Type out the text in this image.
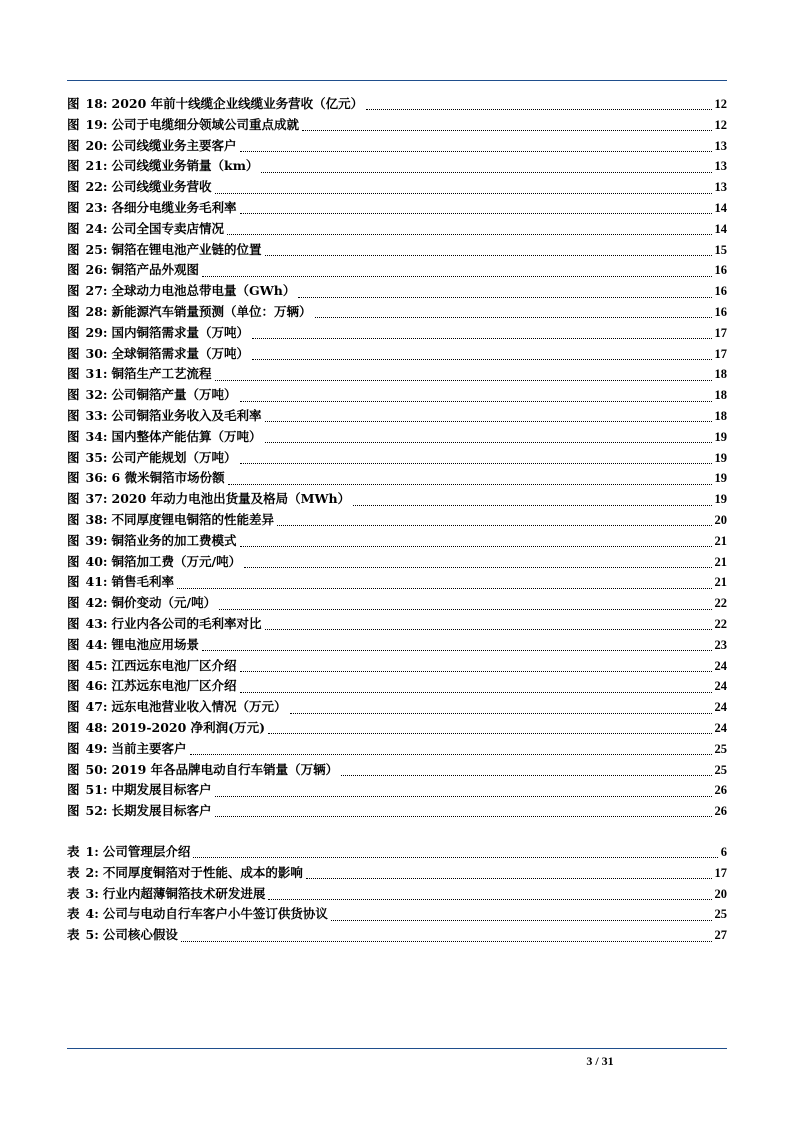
图 18: 2020 年前十线缆企业线缆业务营收（亿元）	12
图 19: 公司于电缆细分领域公司重点成就	12
图 20: 公司线缆业务主要客户	13
图 21: 公司线缆业务销量（km）	13
图 22: 公司线缆业务营收	13
图 23: 各细分电缆业务毛利率	14
图 24: 公司全国专卖店情况	14
图 25: 铜箔在锂电池产业链的位置	15
图 26: 铜箔产品外观图	16
图 27: 全球动力电池总带电量（GWh）	16
图 28: 新能源汽车销量预测（单位：万辆）	16
图 29: 国内铜箔需求量（万吨）	17
图 30: 全球铜箔需求量（万吨）	17
图 31: 铜箔生产工艺流程	18
图 32: 公司铜箔产量（万吨）	18
图 33: 公司铜箔业务收入及毛利率	18
图 34: 国内整体产能估算（万吨）	19
图 35: 公司产能规划（万吨）	19
图 36: 6 微米铜箔市场份额	19
图 37: 2020 年动力电池出货量及格局（MWh）	19
图 38: 不同厚度锂电铜箔的性能差异	20
图 39: 铜箔业务的加工费模式	21
图 40: 铜箔加工费（万元/吨）	21
图 41: 销售毛利率	21
图 42: 铜价变动（元/吨）	22
图 43: 行业内各公司的毛利率对比	22
图 44: 锂电池应用场景	23
图 45: 江西远东电池厂区介绍	24
图 46: 江苏远东电池厂区介绍	24
图 47: 远东电池营业收入情况（万元）	24
图 48: 2019-2020 净利润(万元)	24
图 49: 当前主要客户	25
图 50: 2019 年各品牌电动自行车销量（万辆）	25
图 51: 中期发展目标客户	26
图 52: 长期发展目标客户	26
表 1: 公司管理层介绍	6
表 2: 不同厚度铜箔对于性能、成本的影响	17
表 3: 行业内超薄铜箔技术研发进展	20
表 4: 公司与电动自行车客户小牛签订供货协议	25
表 5: 公司核心假设	27
3 / 31
